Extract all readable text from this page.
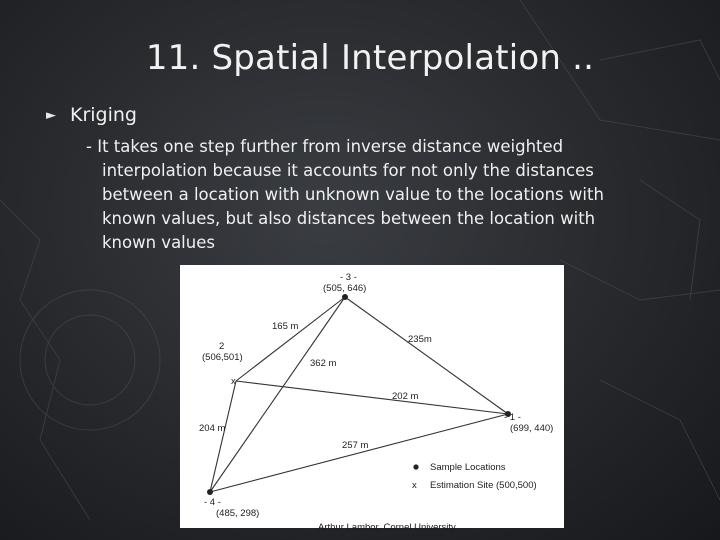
11. Spatial Interpolation ..
► Kriging
- It takes one step further from inverse distance weighted
interpolation because it accounts for not only the distances
between a location with unknown value to the locations with
known values, but also distances between the location with
known values
- 3 -
(505, 646)
2
(506,501)
x
- 1 -
(699, 440)
- 4 -
(485, 298)
165 m
235m
362 m
202 m
204 m
257 m
Sample Locations
x Estimation Site (500,500)
Arthur Lambor, Cornel University
